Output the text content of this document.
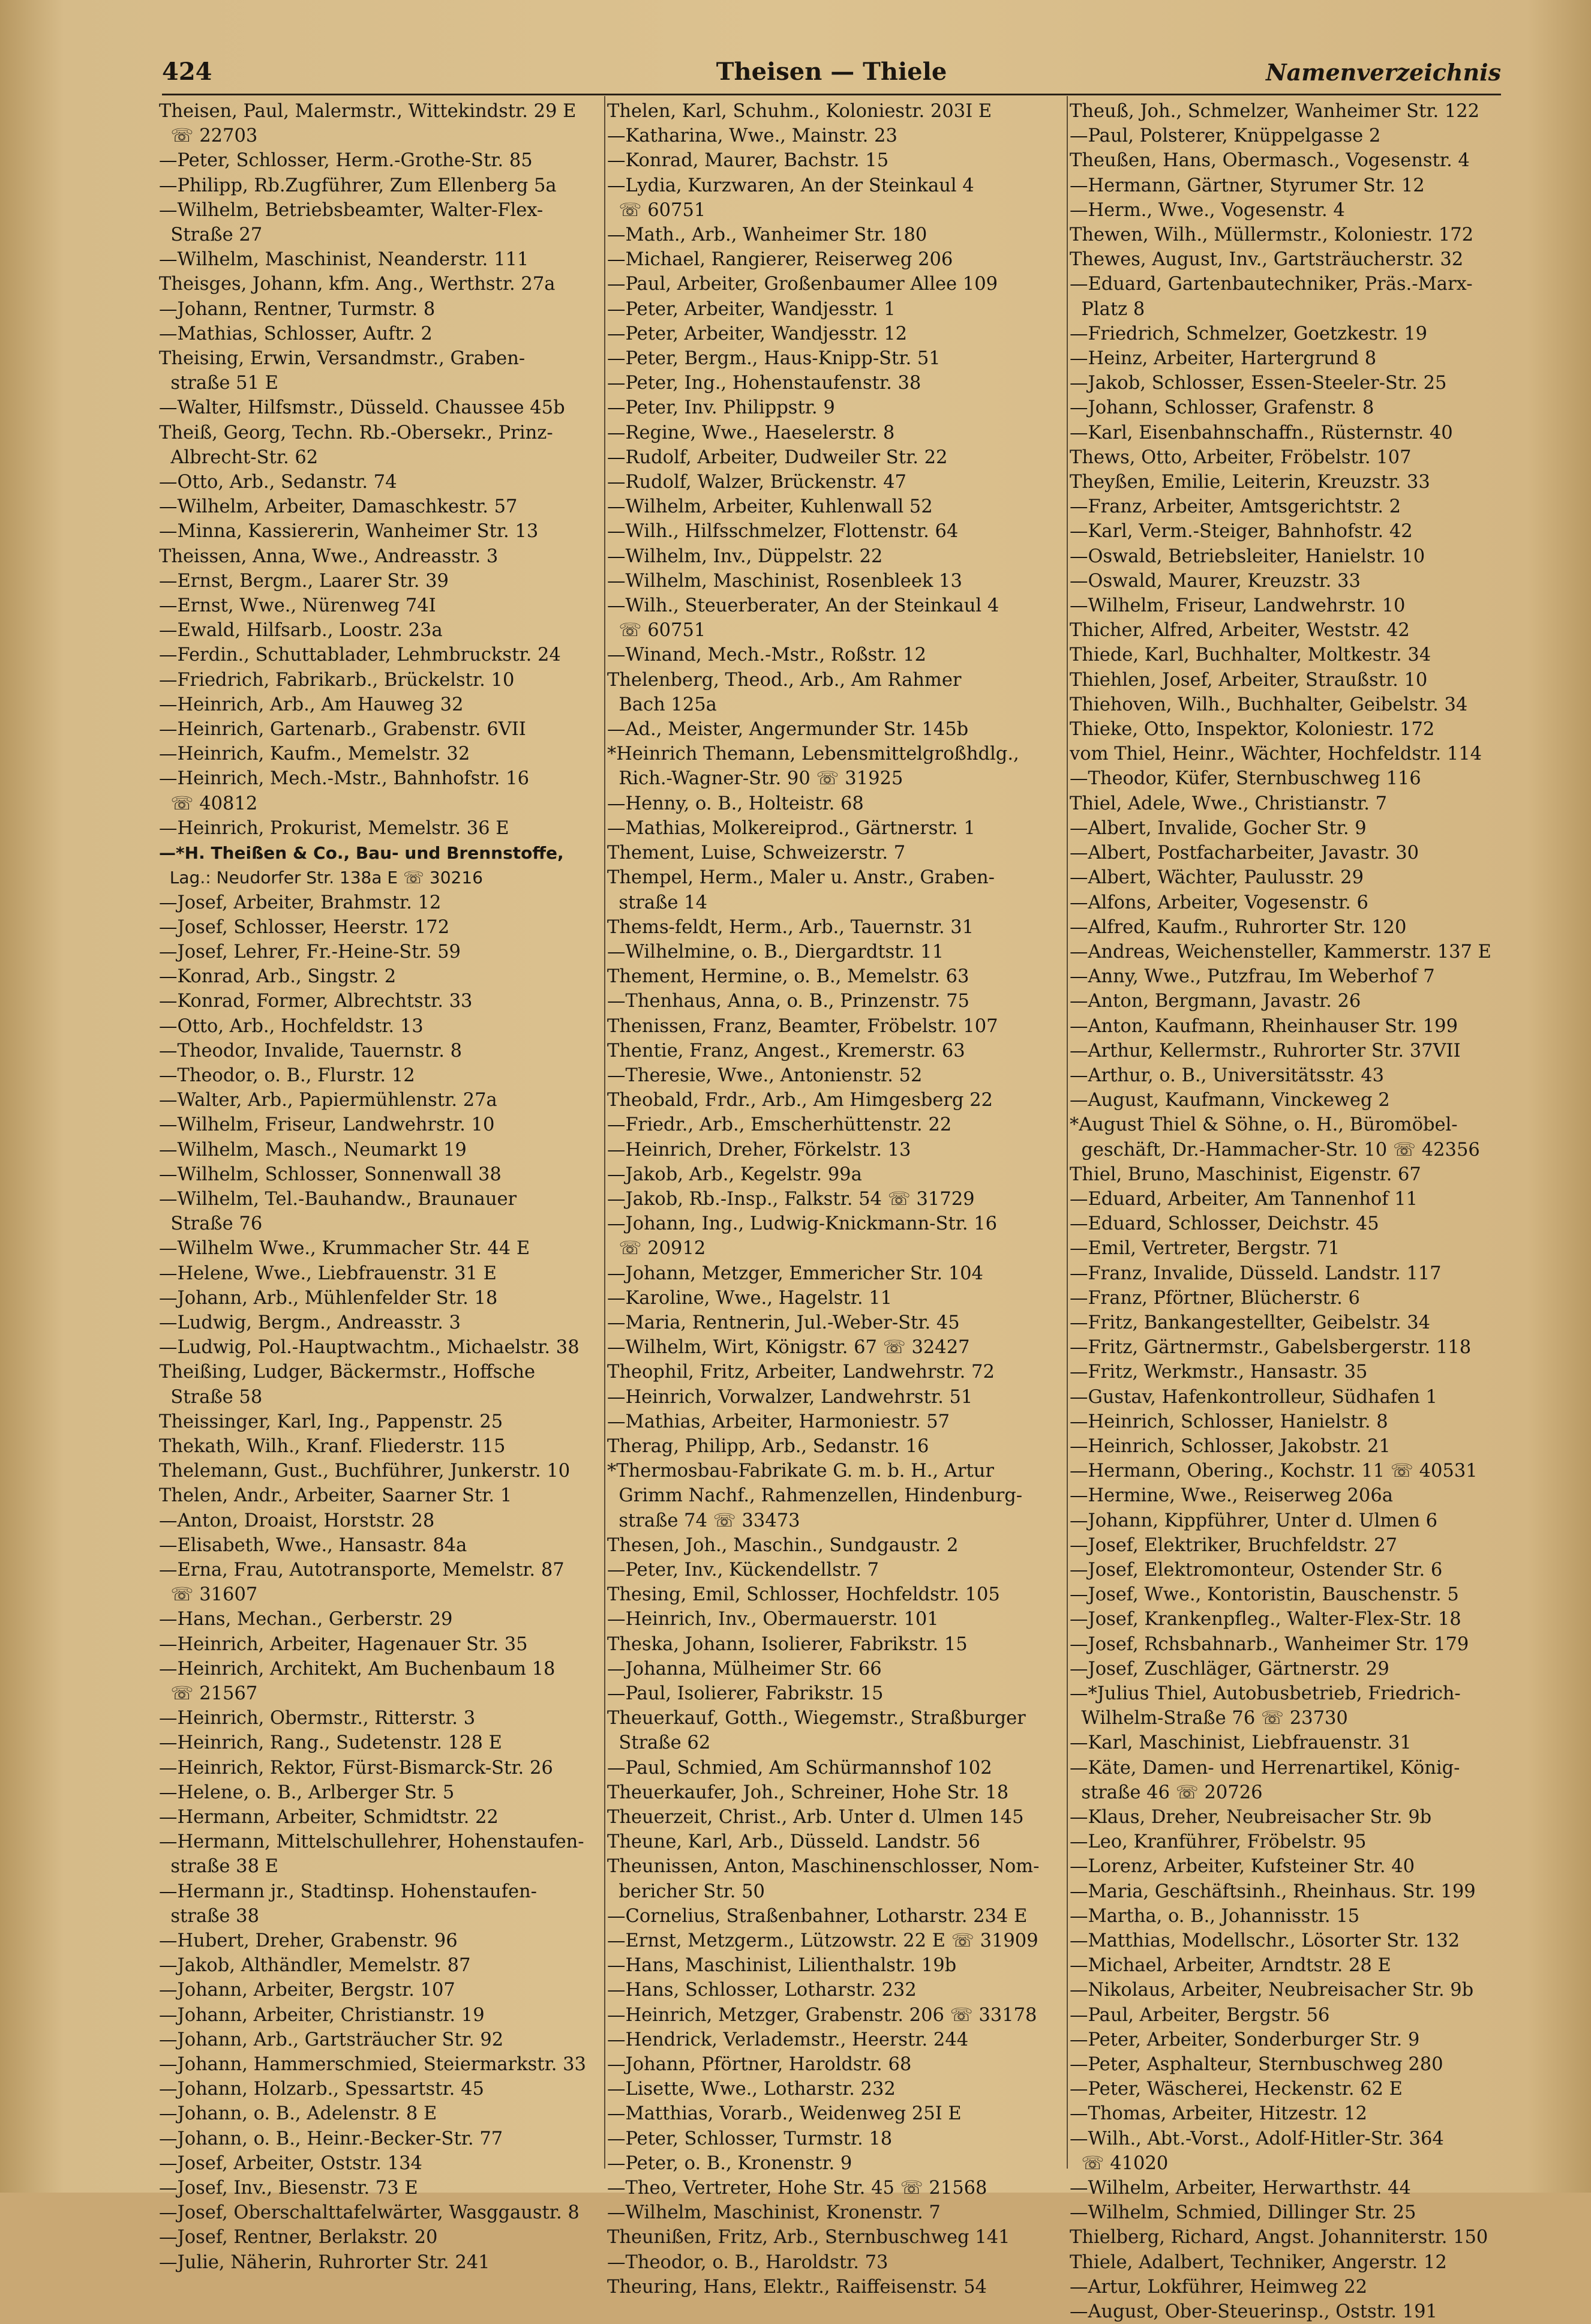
424	Theisen — Thiele	Namenverzeichnis
Theisen, Paul, Malermstr., Wittekindstr. 29 E
☏ 22703
—Peter, Schlosser, Herm.-Grothe-Str. 85
—Philipp, Rb.Zugführer, Zum Ellenberg 5a
—Wilhelm, Betriebsbeamter, Walter-Flex-
Straße 27
—Wilhelm, Maschinist, Neanderstr. 111
Theisges, Johann, kfm. Ang., Werthstr. 27a
—Johann, Rentner, Turmstr. 8
—Mathias, Schlosser, Auftr. 2
Theising, Erwin, Versandmstr., Graben-
straße 51 E
—Walter, Hilfsmstr., Düsseld. Chaussee 45b
Theiß, Georg, Techn. Rb.-Obersekr., Prinz-
Albrecht-Str. 62
—Otto, Arb., Sedanstr. 74
—Wilhelm, Arbeiter, Damaschkestr. 57
—Minna, Kassiererin, Wanheimer Str. 13
Theissen, Anna, Wwe., Andreasstr. 3
—Ernst, Bergm., Laarer Str. 39
—Ernst, Wwe., Nürenweg 74I
—Ewald, Hilfsarb., Loostr. 23a
—Ferdin., Schuttablader, Lehmbruckstr. 24
—Friedrich, Fabrikarb., Brückelstr. 10
—Heinrich, Arb., Am Hauweg 32
—Heinrich, Gartenarb., Grabenstr. 6VII
—Heinrich, Kaufm., Memelstr. 32
—Heinrich, Mech.-Mstr., Bahnhofstr. 16
☏ 40812
—Heinrich, Prokurist, Memelstr. 36 E
—*H. Theißen & Co., Bau- und Brennstoffe,
Lag.: Neudorfer Str. 138a E ☏ 30216
—Josef, Arbeiter, Brahmstr. 12
—Josef, Schlosser, Heerstr. 172
—Josef, Lehrer, Fr.-Heine-Str. 59
—Konrad, Arb., Singstr. 2
—Konrad, Former, Albrechtstr. 33
—Otto, Arb., Hochfeldstr. 13
—Theodor, Invalide, Tauernstr. 8
—Theodor, o. B., Flurstr. 12
—Walter, Arb., Papiermühlenstr. 27a
—Wilhelm, Friseur, Landwehrstr. 10
—Wilhelm, Masch., Neumarkt 19
—Wilhelm, Schlosser, Sonnenwall 38
—Wilhelm, Tel.-Bauhandw., Braunauer
Straße 76
—Wilhelm Wwe., Krummacher Str. 44 E
—Helene, Wwe., Liebfrauenstr. 31 E
—Johann, Arb., Mühlenfelder Str. 18
—Ludwig, Bergm., Andreasstr. 3
—Ludwig, Pol.-Hauptwachtm., Michaelstr. 38
Theißing, Ludger, Bäckermstr., Hoffsche
Straße 58
Theissinger, Karl, Ing., Pappenstr. 25
Thekath, Wilh., Kranf. Fliederstr. 115
Thelemann, Gust., Buchführer, Junkerstr. 10
Thelen, Andr., Arbeiter, Saarner Str. 1
—Anton, Droaist, Horststr. 28
—Elisabeth, Wwe., Hansastr. 84a
—Erna, Frau, Autotransporte, Memelstr. 87
☏ 31607
—Hans, Mechan., Gerberstr. 29
—Heinrich, Arbeiter, Hagenauer Str. 35
—Heinrich, Architekt, Am Buchenbaum 18
☏ 21567
—Heinrich, Obermstr., Ritterstr. 3
—Heinrich, Rang., Sudetenstr. 128 E
—Heinrich, Rektor, Fürst-Bismarck-Str. 26
—Helene, o. B., Arlberger Str. 5
—Hermann, Arbeiter, Schmidtstr. 22
—Hermann, Mittelschullehrer, Hohenstaufen-
straße 38 E
—Hermann jr., Stadtinsp. Hohenstaufen-
straße 38
—Hubert, Dreher, Grabenstr. 96
—Jakob, Althändler, Memelstr. 87
—Johann, Arbeiter, Bergstr. 107
—Johann, Arbeiter, Christianstr. 19
—Johann, Arb., Gartsträucher Str. 92
—Johann, Hammerschmied, Steiermarkstr. 33
—Johann, Holzarb., Spessartstr. 45
—Johann, o. B., Adelenstr. 8 E
—Johann, o. B., Heinr.-Becker-Str. 77
—Josef, Arbeiter, Oststr. 134
—Josef, Inv., Biesenstr. 73 E
—Josef, Oberschalttafelwärter, Wasggaustr. 8
—Josef, Rentner, Berlakstr. 20
—Julie, Näherin, Ruhrorter Str. 241
Thelen, Karl, Schuhm., Koloniestr. 203I E
—Katharina, Wwe., Mainstr. 23
—Konrad, Maurer, Bachstr. 15
—Lydia, Kurzwaren, An der Steinkaul 4
☏ 60751
—Math., Arb., Wanheimer Str. 180
—Michael, Rangierer, Reiserweg 206
—Paul, Arbeiter, Großenbaumer Allee 109
—Peter, Arbeiter, Wandjesstr. 1
—Peter, Arbeiter, Wandjesstr. 12
—Peter, Bergm., Haus-Knipp-Str. 51
—Peter, Ing., Hohenstaufenstr. 38
—Peter, Inv. Philippstr. 9
—Regine, Wwe., Haeselerstr. 8
—Rudolf, Arbeiter, Dudweiler Str. 22
—Rudolf, Walzer, Brückenstr. 47
—Wilhelm, Arbeiter, Kuhlenwall 52
—Wilh., Hilfsschmelzer, Flottenstr. 64
—Wilhelm, Inv., Düppelstr. 22
—Wilhelm, Maschinist, Rosenbleek 13
—Wilh., Steuerberater, An der Steinkaul 4
☏ 60751
—Winand, Mech.-Mstr., Roßstr. 12
Thelenberg, Theod., Arb., Am Rahmer
Bach 125a
—Ad., Meister, Angermunder Str. 145b
*Heinrich Themann, Lebensmittelgroßhdlg.,
Rich.-Wagner-Str. 90 ☏ 31925
—Henny, o. B., Holteistr. 68
—Mathias, Molkereiprod., Gärtnerstr. 1
Thement, Luise, Schweizerstr. 7
Thempel, Herm., Maler u. Anstr., Graben-
straße 14
Thems-feldt, Herm., Arb., Tauernstr. 31
—Wilhelmine, o. B., Diergardtstr. 11
Thement, Hermine, o. B., Memelstr. 63
—Thenhaus, Anna, o. B., Prinzenstr. 75
Thenissen, Franz, Beamter, Fröbelstr. 107
Thentie, Franz, Angest., Kremerstr. 63
—Theresie, Wwe., Antonienstr. 52
Theobald, Frdr., Arb., Am Himgesberg 22
—Friedr., Arb., Emscherhüttenstr. 22
—Heinrich, Dreher, Förkelstr. 13
—Jakob, Arb., Kegelstr. 99a
—Jakob, Rb.-Insp., Falkstr. 54 ☏ 31729
—Johann, Ing., Ludwig-Knickmann-Str. 16
☏ 20912
—Johann, Metzger, Emmericher Str. 104
—Karoline, Wwe., Hagelstr. 11
—Maria, Rentnerin, Jul.-Weber-Str. 45
—Wilhelm, Wirt, Königstr. 67 ☏ 32427
Theophil, Fritz, Arbeiter, Landwehrstr. 72
—Heinrich, Vorwalzer, Landwehrstr. 51
—Mathias, Arbeiter, Harmoniestr. 57
Therag, Philipp, Arb., Sedanstr. 16
*Thermosbau-Fabrikate G. m. b. H., Artur
Grimm Nachf., Rahmenzellen, Hindenburg-
straße 74 ☏ 33473
Thesen, Joh., Maschin., Sundgaustr. 2
—Peter, Inv., Kückendellstr. 7
Thesing, Emil, Schlosser, Hochfeldstr. 105
—Heinrich, Inv., Obermauerstr. 101
Theska, Johann, Isolierer, Fabrikstr. 15
—Johanna, Mülheimer Str. 66
—Paul, Isolierer, Fabrikstr. 15
Theuerkauf, Gotth., Wiegemstr., Straßburger
Straße 62
—Paul, Schmied, Am Schürmannshof 102
Theuerkaufer, Joh., Schreiner, Hohe Str. 18
Theuerzeit, Christ., Arb. Unter d. Ulmen 145
Theune, Karl, Arb., Düsseld. Landstr. 56
Theunissen, Anton, Maschinenschlosser, Nom-
bericher Str. 50
—Cornelius, Straßenbahner, Lotharstr. 234 E
—Ernst, Metzgerm., Lützowstr. 22 E ☏ 31909
—Hans, Maschinist, Lilienthalstr. 19b
—Hans, Schlosser, Lotharstr. 232
—Heinrich, Metzger, Grabenstr. 206 ☏ 33178
—Hendrick, Verlademstr., Heerstr. 244
—Johann, Pförtner, Haroldstr. 68
—Lisette, Wwe., Lotharstr. 232
—Matthias, Vorarb., Weidenweg 25I E
—Peter, Schlosser, Turmstr. 18
—Peter, o. B., Kronenstr. 9
—Theo, Vertreter, Hohe Str. 45 ☏ 21568
—Wilhelm, Maschinist, Kronenstr. 7
Theunißen, Fritz, Arb., Sternbuschweg 141
—Theodor, o. B., Haroldstr. 73
Theuring, Hans, Elektr., Raiffeisenstr. 54
Theuß, Joh., Schmelzer, Wanheimer Str. 122
—Paul, Polsterer, Knüppelgasse 2
Theußen, Hans, Obermasch., Vogesenstr. 4
—Hermann, Gärtner, Styrumer Str. 12
—Herm., Wwe., Vogesenstr. 4
Thewen, Wilh., Müllermstr., Koloniestr. 172
Thewes, August, Inv., Gartsträucherstr. 32
—Eduard, Gartenbautechniker, Präs.-Marx-
Platz 8
—Friedrich, Schmelzer, Goetzkestr. 19
—Heinz, Arbeiter, Hartergrund 8
—Jakob, Schlosser, Essen-Steeler-Str. 25
—Johann, Schlosser, Grafenstr. 8
—Karl, Eisenbahnschaffn., Rüsternstr. 40
Thews, Otto, Arbeiter, Fröbelstr. 107
Theyßen, Emilie, Leiterin, Kreuzstr. 33
—Franz, Arbeiter, Amtsgerichtstr. 2
—Karl, Verm.-Steiger, Bahnhofstr. 42
—Oswald, Betriebsleiter, Hanielstr. 10
—Oswald, Maurer, Kreuzstr. 33
—Wilhelm, Friseur, Landwehrstr. 10
Thicher, Alfred, Arbeiter, Weststr. 42
Thiede, Karl, Buchhalter, Moltkestr. 34
Thiehlen, Josef, Arbeiter, Straußstr. 10
Thiehoven, Wilh., Buchhalter, Geibelstr. 34
Thieke, Otto, Inspektor, Koloniestr. 172
vom Thiel, Heinr., Wächter, Hochfeldstr. 114
—Theodor, Küfer, Sternbuschweg 116
Thiel, Adele, Wwe., Christianstr. 7
—Albert, Invalide, Gocher Str. 9
—Albert, Postfacharbeiter, Javastr. 30
—Albert, Wächter, Paulusstr. 29
—Alfons, Arbeiter, Vogesenstr. 6
—Alfred, Kaufm., Ruhrorter Str. 120
—Andreas, Weichensteller, Kammerstr. 137 E
—Anny, Wwe., Putzfrau, Im Weberhof 7
—Anton, Bergmann, Javastr. 26
—Anton, Kaufmann, Rheinhauser Str. 199
—Arthur, Kellermstr., Ruhrorter Str. 37VII
—Arthur, o. B., Universitätsstr. 43
—August, Kaufmann, Vinckeweg 2
*August Thiel & Söhne, o. H., Büromöbel-
geschäft, Dr.-Hammacher-Str. 10 ☏ 42356
Thiel, Bruno, Maschinist, Eigenstr. 67
—Eduard, Arbeiter, Am Tannenhof 11
—Eduard, Schlosser, Deichstr. 45
—Emil, Vertreter, Bergstr. 71
—Franz, Invalide, Düsseld. Landstr. 117
—Franz, Pförtner, Blücherstr. 6
—Fritz, Bankangestellter, Geibelstr. 34
—Fritz, Gärtnermstr., Gabelsbergerstr. 118
—Fritz, Werkmstr., Hansastr. 35
—Gustav, Hafenkontrolleur, Südhafen 1
—Heinrich, Schlosser, Hanielstr. 8
—Heinrich, Schlosser, Jakobstr. 21
—Hermann, Obering., Kochstr. 11 ☏ 40531
—Hermine, Wwe., Reiserweg 206a
—Johann, Kippführer, Unter d. Ulmen 6
—Josef, Elektriker, Bruchfeldstr. 27
—Josef, Elektromonteur, Ostender Str. 6
—Josef, Wwe., Kontoristin, Bauschenstr. 5
—Josef, Krankenpfleg., Walter-Flex-Str. 18
—Josef, Rchsbahnarb., Wanheimer Str. 179
—Josef, Zuschläger, Gärtnerstr. 29
—*Julius Thiel, Autobusbetrieb, Friedrich-
Wilhelm-Straße 76 ☏ 23730
—Karl, Maschinist, Liebfrauenstr. 31
—Käte, Damen- und Herrenartikel, König-
straße 46 ☏ 20726
—Klaus, Dreher, Neubreisacher Str. 9b
—Leo, Kranführer, Fröbelstr. 95
—Lorenz, Arbeiter, Kufsteiner Str. 40
—Maria, Geschäftsinh., Rheinhaus. Str. 199
—Martha, o. B., Johannisstr. 15
—Matthias, Modellschr., Lösorter Str. 132
—Michael, Arbeiter, Arndtstr. 28 E
—Nikolaus, Arbeiter, Neubreisacher Str. 9b
—Paul, Arbeiter, Bergstr. 56
—Peter, Arbeiter, Sonderburger Str. 9
—Peter, Asphalteur, Sternbuschweg 280
—Peter, Wäscherei, Heckenstr. 62 E
—Thomas, Arbeiter, Hitzestr. 12
—Wilh., Abt.-Vorst., Adolf-Hitler-Str. 364
☏ 41020
—Wilhelm, Arbeiter, Herwarthstr. 44
—Wilhelm, Schmied, Dillinger Str. 25
Thielberg, Richard, Angst. Johanniterstr. 150
Thiele, Adalbert, Techniker, Angerstr. 12
—Artur, Lokführer, Heimweg 22
—August, Ober-Steuerinsp., Oststr. 191
